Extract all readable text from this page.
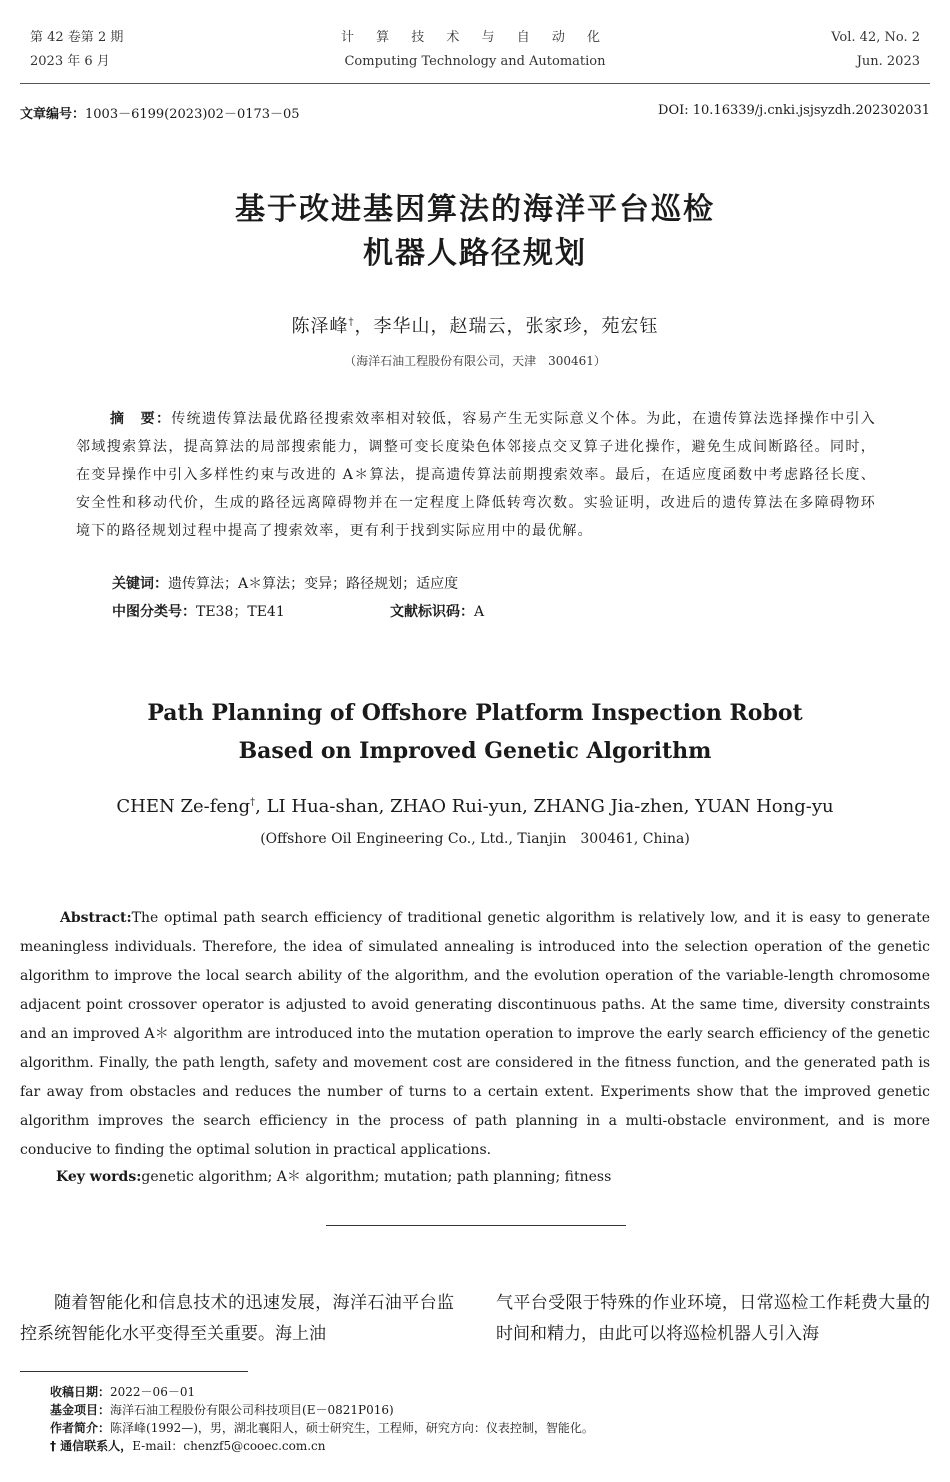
第 42 卷第 2 期
2023 年 6 月
计 算 技 术 与 自 动 化
Computing Technology and Automation
Vol. 42, No. 2
Jun. 2023
文章编号：1003－6199(2023)02－0173－05	DOI: 10.16339/j.cnki.jsjsyzdh.202302031
基于改进基因算法的海洋平台巡检
机器人路径规划
陈泽峰†，李华山，赵瑞云，张家珍，苑宏钰
（海洋石油工程股份有限公司，天津　300461）
摘　要：传统遗传算法最优路径搜索效率相对较低，容易产生无实际意义个体。为此，在遗传算法选择操作中引入邻域搜索算法，提高算法的局部搜索能力，调整可变长度染色体邻接点交叉算子进化操作，避免生成间断路径。同时，在变异操作中引入多样性约束与改进的 A＊算法，提高遗传算法前期搜索效率。最后，在适应度函数中考虑路径长度、安全性和移动代价，生成的路径远离障碍物并在一定程度上降低转弯次数。实验证明，改进后的遗传算法在多障碍物环境下的路径规划过程中提高了搜索效率，更有利于找到实际应用中的最优解。
关键词：遗传算法；A＊算法；变异；路径规划；适应度
中图分类号：TE38；TE41	文献标识码：A
Path Planning of Offshore Platform Inspection Robot
Based on Improved Genetic Algorithm
CHEN Ze-feng†, LI Hua-shan, ZHAO Rui-yun, ZHANG Jia-zhen, YUAN Hong-yu
(Offshore Oil Engineering Co., Ltd., Tianjin　300461, China)
Abstract:The optimal path search efficiency of traditional genetic algorithm is relatively low, and it is easy to generate meaningless individuals. Therefore, the idea of simulated annealing is introduced into the selection operation of the genetic algorithm to improve the local search ability of the algorithm, and the evolution operation of the variable-length chromosome adjacent point crossover operator is adjusted to avoid generating discontinuous paths. At the same time, diversity constraints and an improved A＊ algorithm are introduced into the mutation operation to improve the early search efficiency of the genetic algorithm. Finally, the path length, safety and movement cost are considered in the fitness function, and the generated path is far away from obstacles and reduces the number of turns to a certain extent. Experiments show that the improved genetic algorithm improves the search efficiency in the process of path planning in a multi-obstacle environment, and is more conducive to finding the optimal solution in practical applications.
Key words:genetic algorithm; A＊ algorithm; mutation; path planning; fitness
随着智能化和信息技术的迅速发展，海洋石油平台监控系统智能化水平变得至关重要。海上油
气平台受限于特殊的作业环境，日常巡检工作耗费大量的时间和精力，由此可以将巡检机器人引入海
收稿日期：2022－06－01
基金项目：海洋石油工程股份有限公司科技项目(E－0821P016)
作者简介：陈泽峰(1992—)，男，湖北襄阳人，硕士研究生，工程师，研究方向：仪表控制，智能化。
† 通信联系人，E-mail：chenzf5@cooec.com.cn
